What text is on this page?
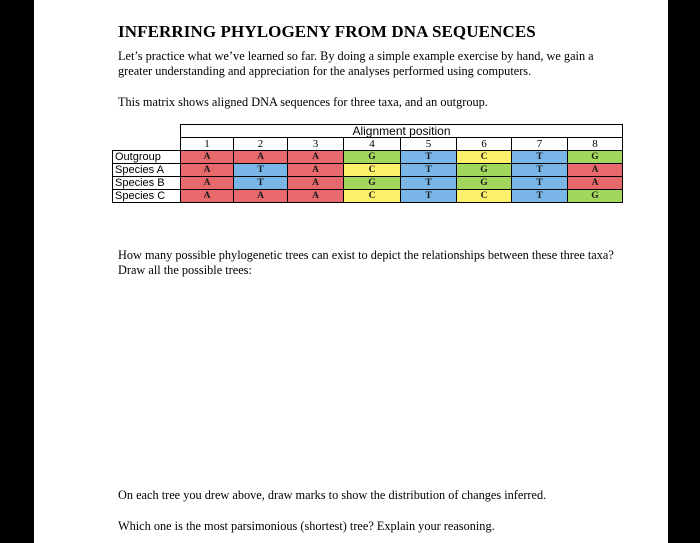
INFERRING PHYLOGENY FROM DNA SEQUENCES
Let’s practice what we’ve learned so far. By doing a simple example exercise by hand, we gain a greater understanding and appreciation for the analyses performed using computers.
This matrix shows aligned DNA sequences for three taxa, and an outgroup.
	Alignment position							
	1	2	3	4	5	6	7	8
Outgroup	A	A	A	G	T	C	T	G
Species A	A	T	A	C	T	G	T	A
Species B	A	T	A	G	T	G	T	A
Species C	A	A	A	C	T	C	T	G
How many possible phylogenetic trees can exist to depict the relationships between these three taxa? Draw all the possible trees:
On each tree you drew above, draw marks to show the distribution of changes inferred.
Which one is the most parsimonious (shortest) tree? Explain your reasoning.
